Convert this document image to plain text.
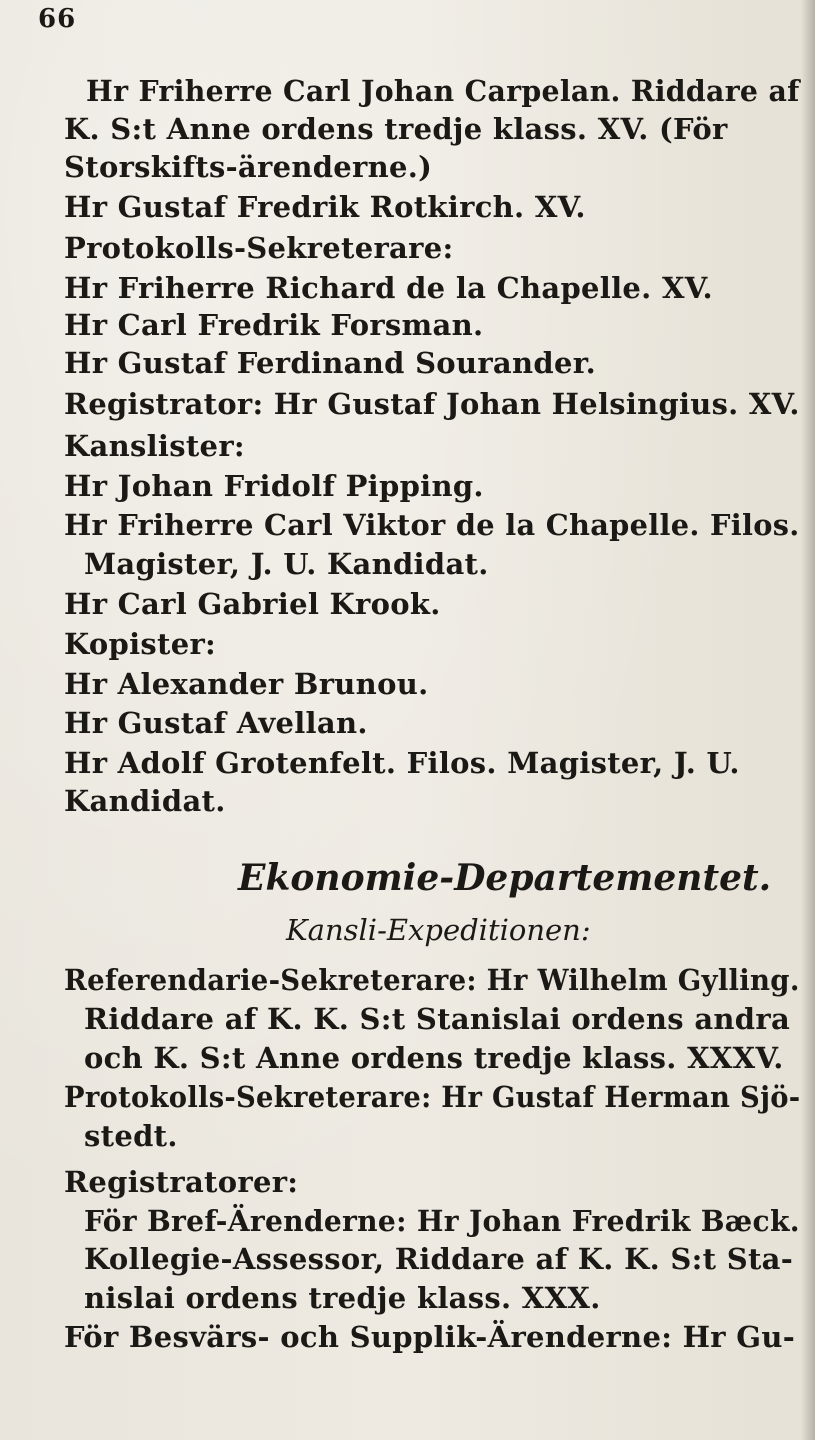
66
Hr Friherre Carl Johan Carpelan. Riddare af
K. S:t Anne ordens tredje klass. XV. (För
Storskifts-ärenderne.)
Hr Gustaf Fredrik Rotkirch. XV.
Protokolls-Sekreterare:
Hr Friherre Richard de la Chapelle. XV.
Hr Carl Fredrik Forsman.
Hr Gustaf Ferdinand Sourander.
Registrator: Hr Gustaf Johan Helsingius. XV.
Kanslister:
Hr Johan Fridolf Pipping.
Hr Friherre Carl Viktor de la Chapelle. Filos.
Magister, J. U. Kandidat.
Hr Carl Gabriel Krook.
Kopister:
Hr Alexander Brunou.
Hr Gustaf Avellan.
Hr Adolf Grotenfelt. Filos. Magister, J. U.
Kandidat.
Ekonomie-Departementet.
Kansli-Expeditionen:
Referendarie-Sekreterare: Hr Wilhelm Gylling.
Riddare af K. K. S:t Stanislai ordens andra
och K. S:t Anne ordens tredje klass. XXXV.
Protokolls-Sekreterare: Hr Gustaf Herman Sjö-
stedt.
Registratorer:
För Bref-Ärenderne: Hr Johan Fredrik Bæck.
Kollegie-Assessor, Riddare af K. K. S:t Sta-
nislai ordens tredje klass. XXX.
För Besvärs- och Supplik-Ärenderne: Hr Gu-
